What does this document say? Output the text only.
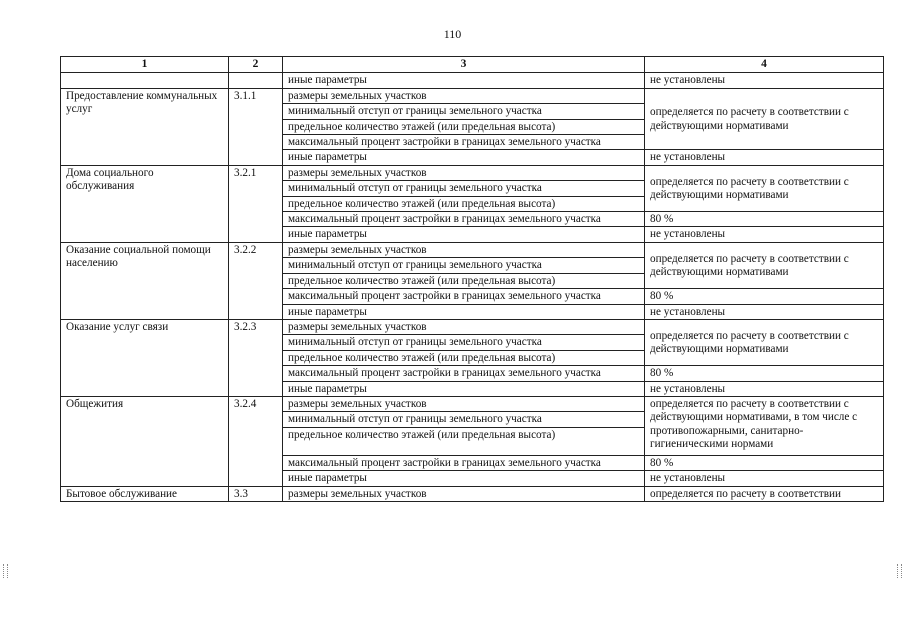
110
1	2	3	4
		иные параметры	не установлены
Предоставление коммунальных услуг	3.1.1	размеры земельных участков	определяется по расчету в соответствии с действующими нормативами
		минимальный отступ от границы земельного участка	
		предельное количество этажей (или предельная высота)	
		максимальный процент застройки в границах земельного участка	
		иные параметры	не установлены
Дома социального обслуживания	3.2.1	размеры земельных участков	определяется по расчету в соответствии с действующими нормативами
		минимальный отступ от границы земельного участка	
		предельное количество этажей (или предельная высота)	
		максимальный процент застройки в границах земельного участка	80 %
		иные параметры	не установлены
Оказание социальной помощи населению	3.2.2	размеры земельных участков	определяется по расчету в соответствии с действующими нормативами
		минимальный отступ от границы земельного участка	
		предельное количество этажей (или предельная высота)	
		максимальный процент застройки в границах земельного участка	80 %
		иные параметры	не установлены
Оказание услуг связи	3.2.3	размеры земельных участков	определяется по расчету в соответствии с действующими нормативами
		минимальный отступ от границы земельного участка	
		предельное количество этажей (или предельная высота)	
		максимальный процент застройки в границах земельного участка	80 %
		иные параметры	не установлены
Общежития	3.2.4	размеры земельных участков	определяется по расчету в соответствии с действующими нормативами, в том числе с противопожарными, санитарно-гигиеническими нормами
		минимальный отступ от границы земельного участка	
		предельное количество этажей (или предельная высота)	
		максимальный процент застройки в границах земельного участка	80 %
		иные параметры	не установлены
Бытовое обслуживание	3.3	размеры земельных участков	определяется по расчету в соответствии
